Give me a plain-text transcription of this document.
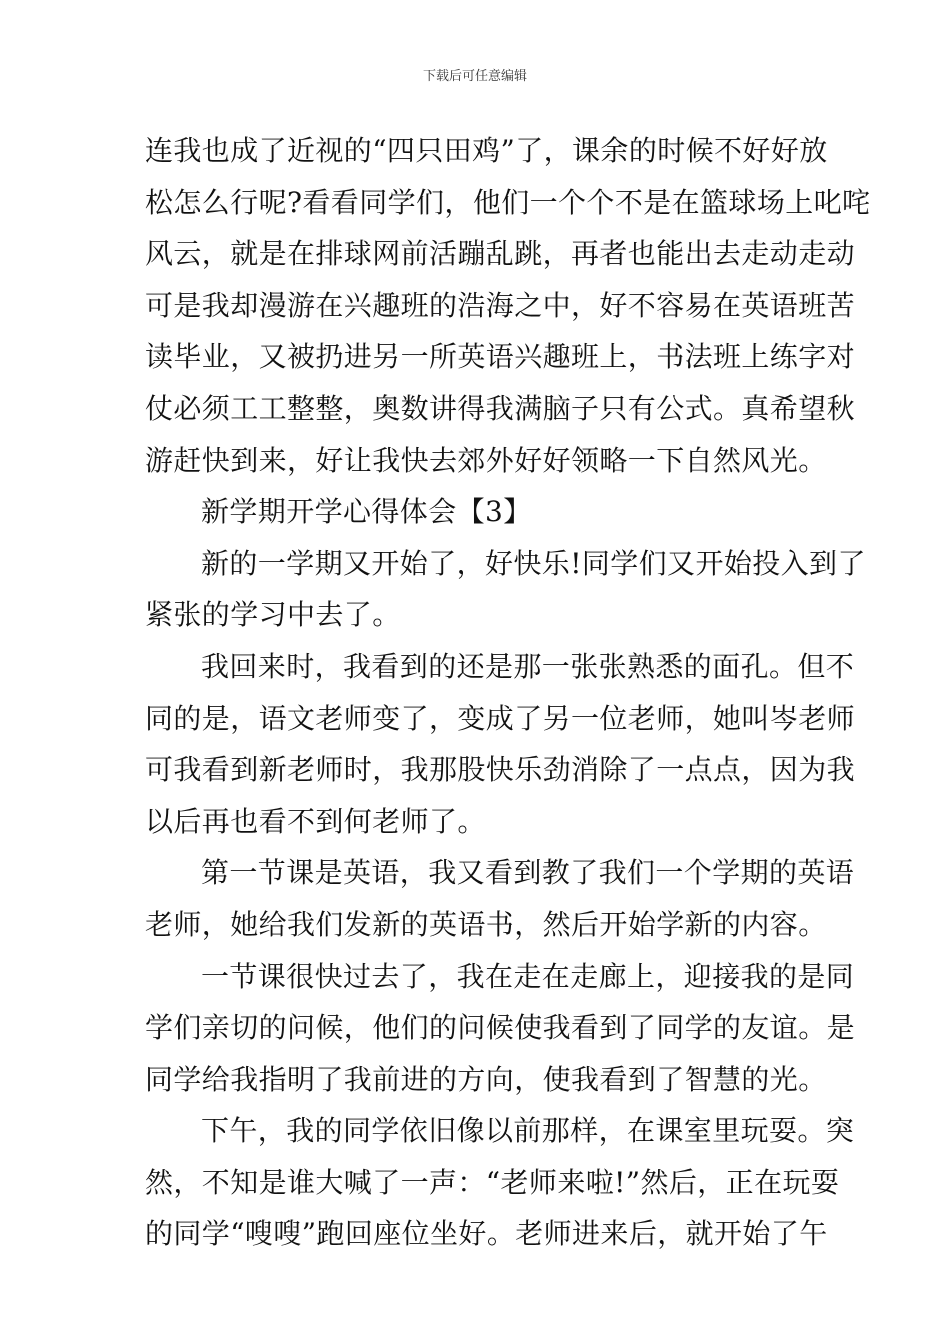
下载后可任意编辑
连我也成了近视的“四只田鸡”了，课余的时候不好好放
松怎么行呢?看看同学们，他们一个个不是在篮球场上叱咤
风云，就是在排球网前活蹦乱跳，再者也能出去走动走动
可是我却漫游在兴趣班的浩海之中，好不容易在英语班苦
读毕业，又被扔进另一所英语兴趣班上，书法班上练字对
仗必须工工整整，奥数讲得我满脑子只有公式。真希望秋
游赶快到来，好让我快去郊外好好领略一下自然风光。
新学期开学心得体会【3】
新的一学期又开始了，好快乐!同学们又开始投入到了
紧张的学习中去了。
我回来时，我看到的还是那一张张熟悉的面孔。但不
同的是，语文老师变了，变成了另一位老师，她叫岑老师
可我看到新老师时，我那股快乐劲消除了一点点，因为我
以后再也看不到何老师了。
第一节课是英语，我又看到教了我们一个学期的英语
老师，她给我们发新的英语书，然后开始学新的内容。
一节课很快过去了，我在走在走廊上，迎接我的是同
学们亲切的问候，他们的问候使我看到了同学的友谊。是
同学给我指明了我前进的方向，使我看到了智慧的光。
下午，我的同学依旧像以前那样，在课室里玩耍。突
然，不知是谁大喊了一声：“老师来啦!”然后，正在玩耍
的同学“嗖嗖”跑回座位坐好。老师进来后，就开始了午
